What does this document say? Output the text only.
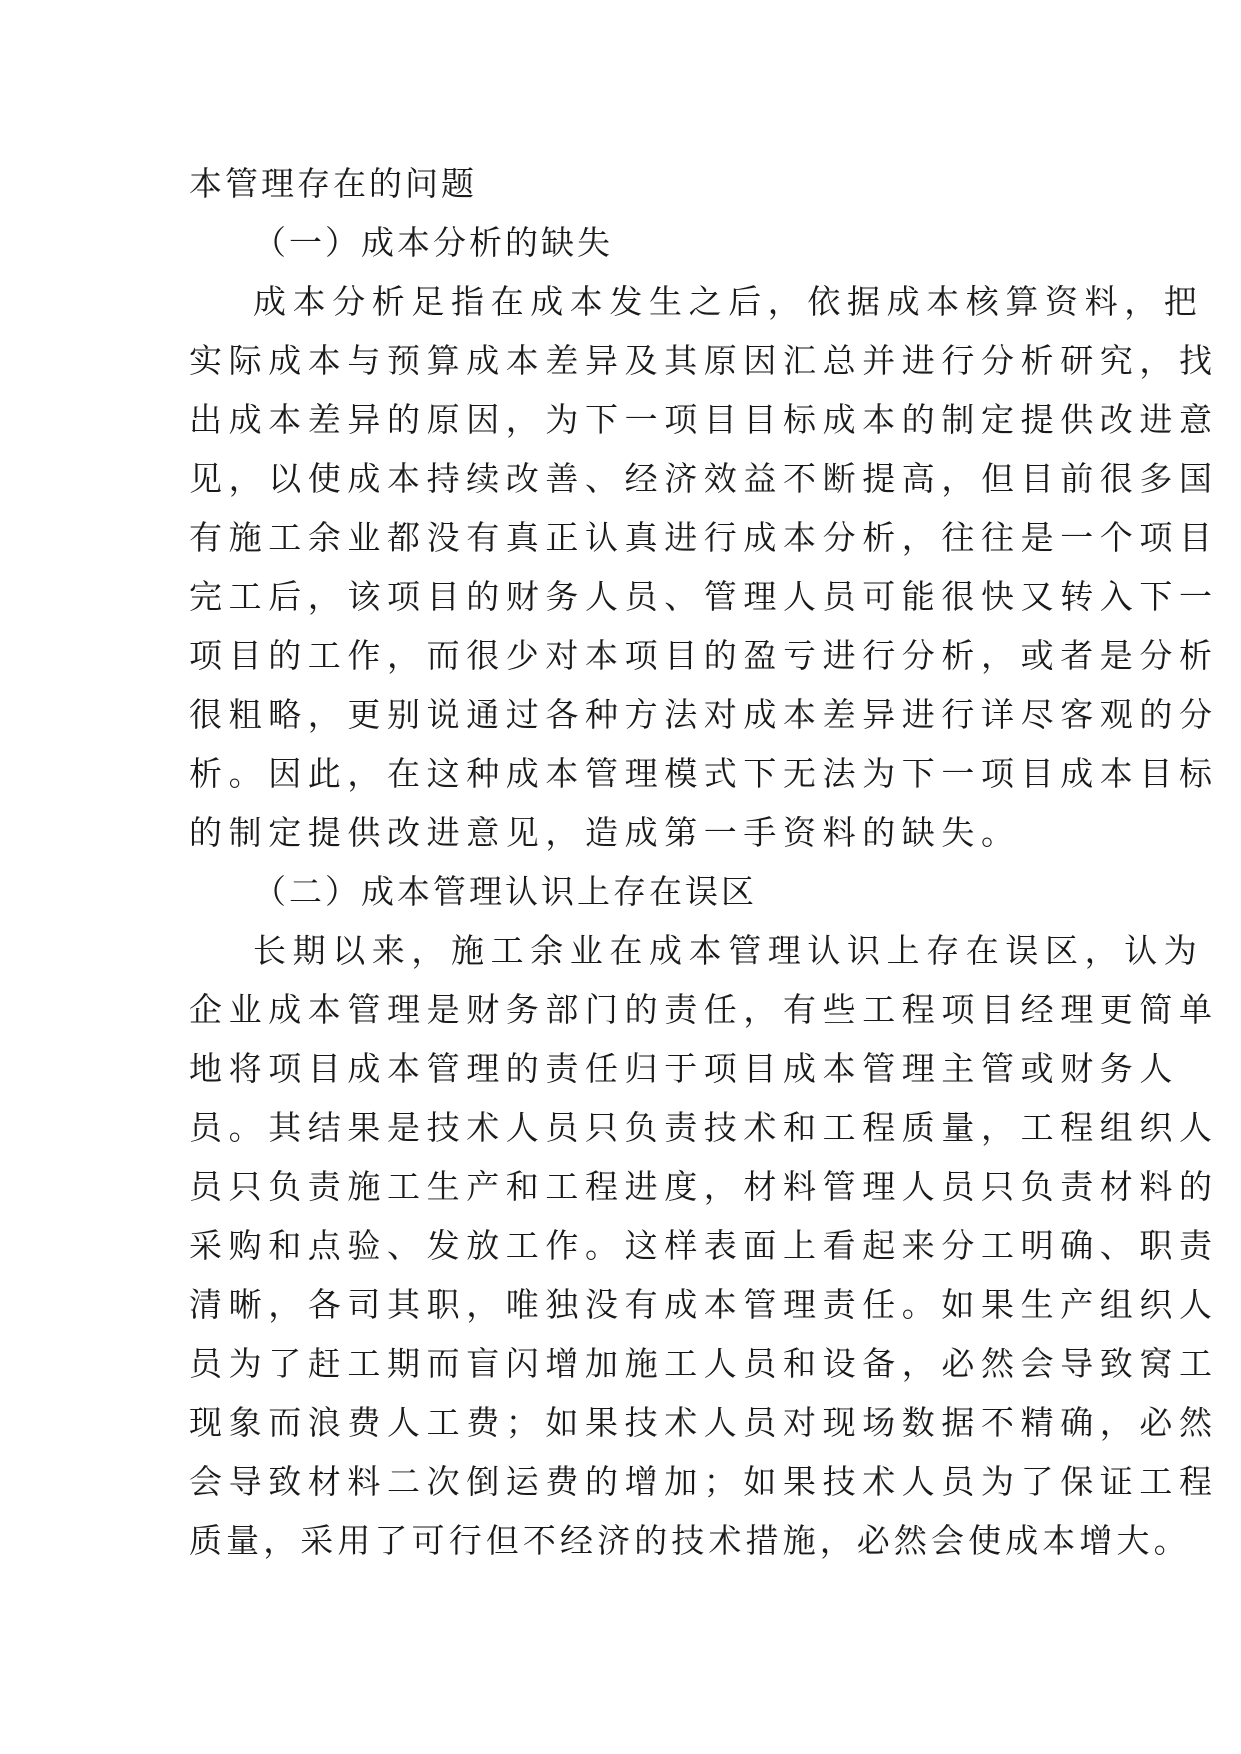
本管理存在的问题
（一）成本分析的缺失
成本分析足指在成本发生之后，依据成本核算资料，把
实际成本与预算成本差异及其原因汇总并进行分析研究，找
出成本差异的原因，为下一项目目标成本的制定提供改进意
见，以使成本持续改善、经济效益不断提高，但目前很多国
有施工余业都没有真正认真进行成本分析，往往是一个项目
完工后，该项目的财务人员、管理人员可能很快又转入下一
项目的工作，而很少对本项目的盈亏进行分析，或者是分析
很粗略，更别说通过各种方法对成本差异进行详尽客观的分
析。因此，在这种成本管理模式下无法为下一项目成本目标
的制定提供改进意见，造成第一手资料的缺失。
（二）成本管理认识上存在误区
长期以来，施工余业在成本管理认识上存在误区，认为
企业成本管理是财务部门的责任，有些工程项目经理更简单
地将项目成本管理的责任归于项目成本管理主管或财务人
员。其结果是技术人员只负责技术和工程质量，工程组织人
员只负责施工生产和工程进度，材料管理人员只负责材料的
采购和点验、发放工作。这样表面上看起来分工明确、职责
清晰，各司其职，唯独没有成本管理责任。如果生产组织人
员为了赶工期而盲闪增加施工人员和设备，必然会导致窝工
现象而浪费人工费；如果技术人员对现场数据不精确，必然
会导致材料二次倒运费的增加；如果技术人员为了保证工程
质量，采用了可行但不经济的技术措施，必然会使成本增大。
